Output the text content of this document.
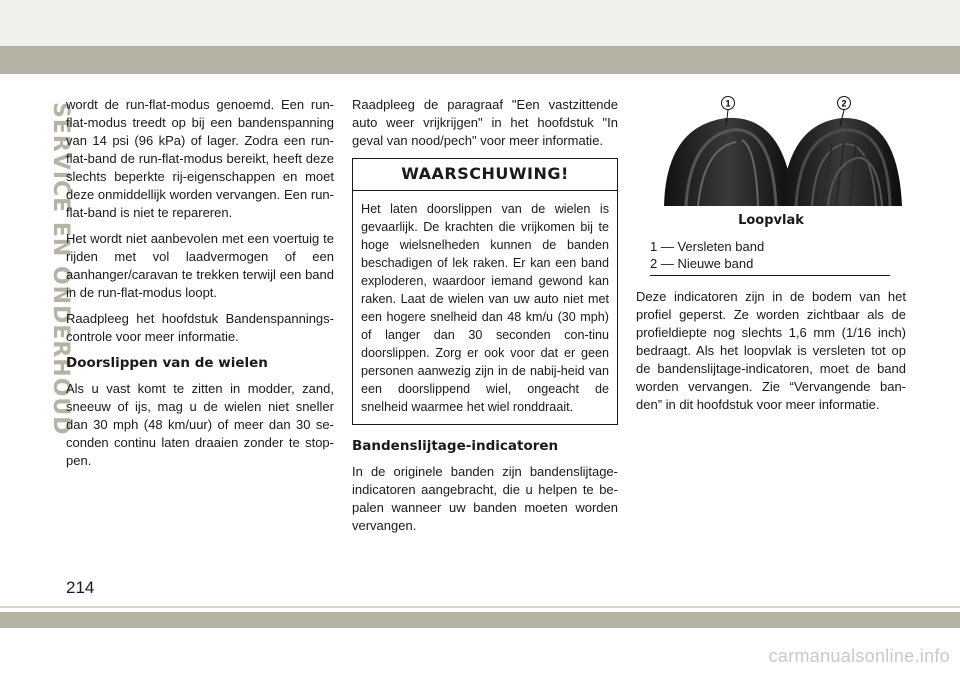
SERVICE EN ONDERHOUD

wordt de run-flat-modus genoemd. Een run-flat-modus treedt op bij een bandenspanning van 14 psi (96 kPa) of lager. Zodra een run-flat-band de run-flat-modus bereikt, heeft deze slechts beperkte rij-eigenschappen en moet deze onmiddellijk worden vervangen. Een run-flat-band is niet te repareren.

Het wordt niet aanbevolen met een voertuig te rijden met vol laadvermogen of een aanhanger/caravan te trekken terwijl een band in de run-flat-modus loopt.

Raadpleeg het hoofdstuk Bandenspannings-controle voor meer informatie.

Doorslippen van de wielen

Als u vast komt te zitten in modder, zand, sneeuw of ijs, mag u de wielen niet sneller dan 30 mph (48 km/uur) of meer dan 30 se-conden continu laten draaien zonder te stop-pen.

Raadpleeg de paragraaf "Een vastzittende auto weer vrijkrijgen" in het hoofdstuk "In geval van nood/pech" voor meer informatie.

WAARSCHUWING!
Het laten doorslippen van de wielen is gevaarlijk. De krachten die vrijkomen bij te hoge wielsnelheden kunnen de banden beschadigen of lek raken. Er kan een band exploderen, waardoor iemand gewond kan raken. Laat de wielen van uw auto niet met een hogere snelheid dan 48 km/u (30 mph) of langer dan 30 seconden con-tinu doorslippen. Zorg er ook voor dat er geen personen aanwezig zijn in de nabij-heid van een doorslippend wiel, ongeacht de snelheid waarmee het wiel ronddraait.
Bandenslijtage-indicatoren

In de originele banden zijn bandenslijtage-indicatoren aangebracht, die u helpen te be-palen wanneer uw banden moeten worden vervangen.

1	2
Loopvlak
1 — Versleten band
2 — Nieuwe band

Deze indicatoren zijn in de bodem van het profiel geperst. Ze worden zichtbaar als de profieldiepte nog slechts 1,6 mm (1/16 inch) bedraagt. Als het loopvlak is versleten tot op de bandenslijtage-indicatoren, moet de band worden vervangen. Zie “Vervangende ban-den” in dit hoofdstuk voor meer informatie.

214
carmanualsonline.info
